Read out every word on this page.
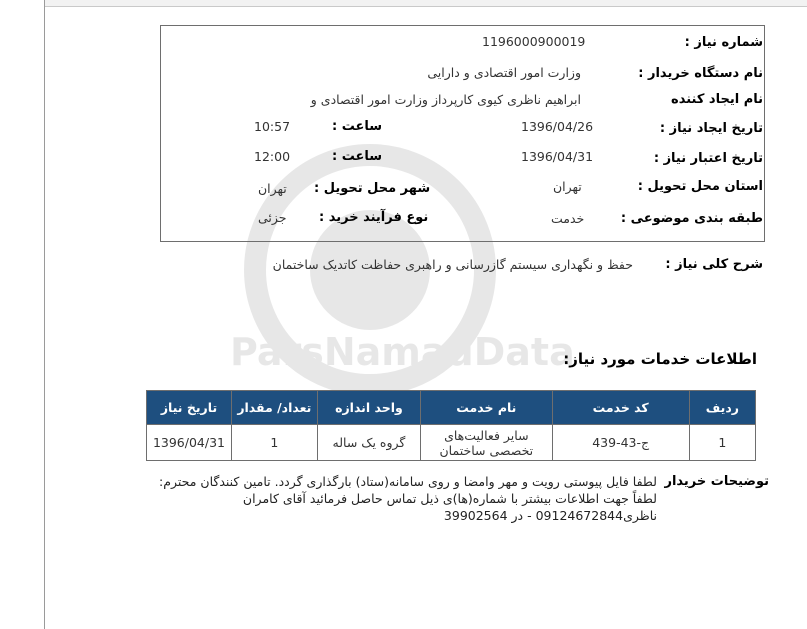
ParsNamadData
شماره نیاز :
1196000900019
نام دستگاه خریدار :
وزارت امور اقتصادی و دارایی
نام ایجاد کننده
ابراهیم ناظری کیوی کارپرداز وزارت امور اقتصادی و
تاریخ ایجاد نیاز :
1396/04/26
ساعت :
10:57
تاریخ اعتبار نیاز :
1396/04/31
ساعت :
12:00
استان محل تحویل :
تهران
شهر محل تحویل :
تهران
طبقه بندی موضوعی :
خدمت
نوع فرآیند خرید :
جزئی
شرح کلی نیاز :
حفظ و نگهداری سیستم گازرسانی و راهبری حفاظت کاتدیک ساختمان
اطلاعات خدمات مورد نیاز:
ردیف	کد خدمت	نام خدمت	واحد اندازه	تعداد/ مقدار	تاریخ نیاز
1	ج-43-439	سایر فعالیت‌های تخصصی ساختمان	گروه یک ساله	1	1396/04/31
توضیحات خریدار
لطفا فایل پیوستی رویت و مهر وامضا و روی سامانه(ستاد) بارگذاری گردد. تامین کنندگان محترم:
لطفاً جهت اطلاعات بیشتر با شماره(ها)ی ذیل تماس حاصل فرمائید آقای کامران
ناظری09124672844 - در 39902564
